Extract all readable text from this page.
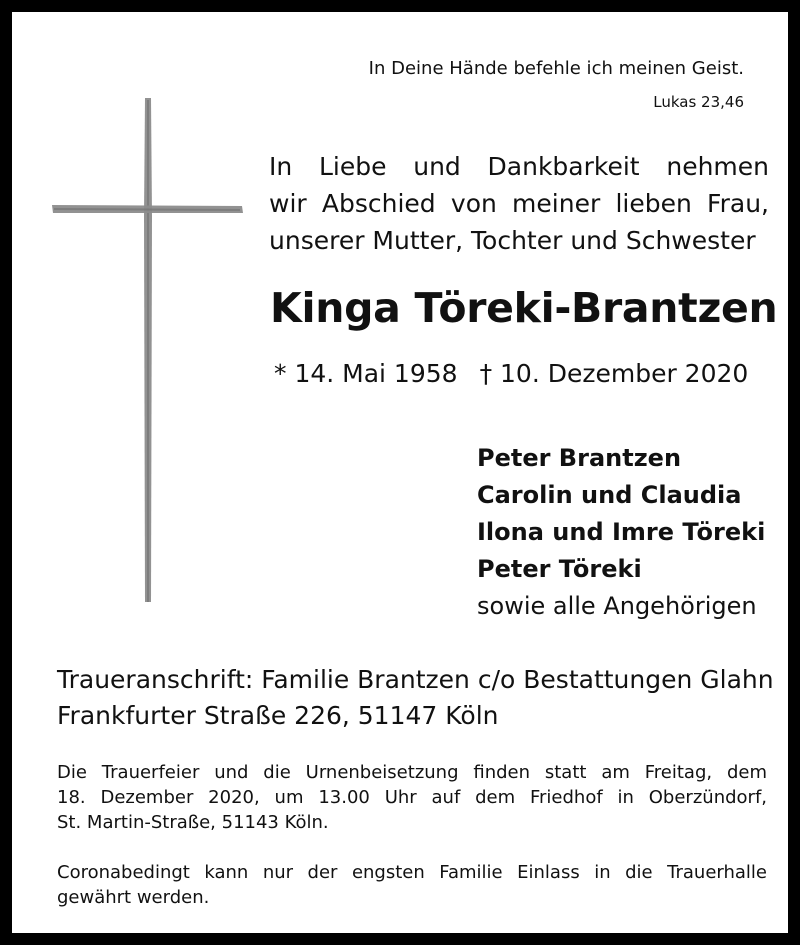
In Deine Hände befehle ich meinen Geist.
Lukas 23,46
In Liebe und Dankbarkeit nehmen
wir Abschied von meiner lieben Frau,
unserer Mutter, Tochter und Schwester
Kinga Töreki-Brantzen
* 14. Mai 1958 † 10. Dezember 2020
Peter Brantzen
Carolin und Claudia
Ilona und Imre Töreki
Peter Töreki
sowie alle Angehörigen
Traueranschrift: Familie Brantzen c/o Bestattungen Glahn
Frankfurter Straße 226, 51147 Köln
Die Trauerfeier und die Urnenbeisetzung finden statt am Freitag, dem
18. Dezember 2020, um 13.00 Uhr auf dem Friedhof in Oberzündorf,
St. Martin-Straße, 51143 Köln.
Coronabedingt kann nur der engsten Familie Einlass in die Trauerhalle
gewährt werden.
